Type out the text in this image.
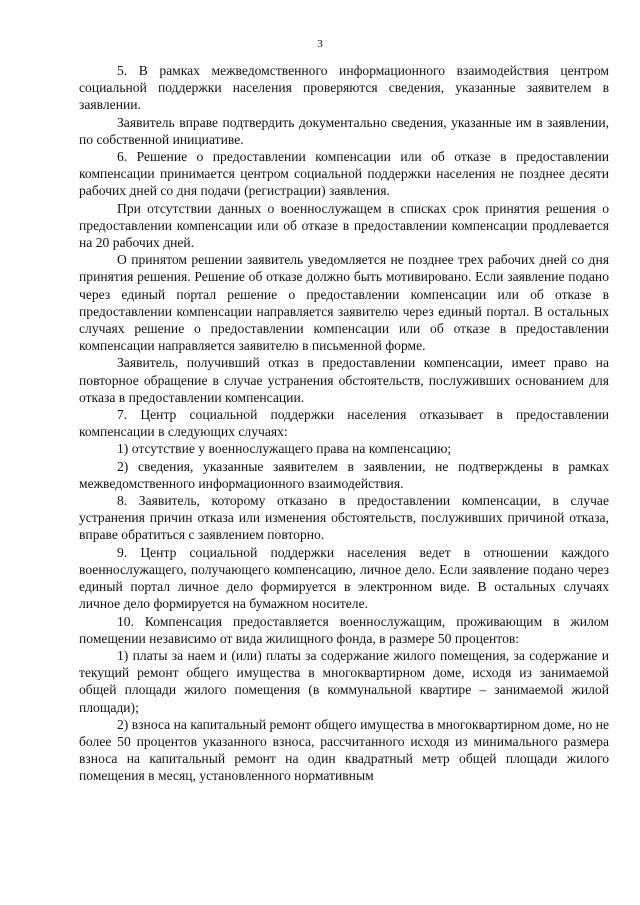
3

5. В рамках межведомственного информационного взаимодействия центром социальной поддержки населения проверяются сведения, указанные заявителем в заявлении.

Заявитель вправе подтвердить документально сведения, указанные им в заявлении, по собственной инициативе.

6. Решение о предоставлении компенсации или об отказе в предоставлении компенсации принимается центром социальной поддержки населения не позднее десяти рабочих дней со дня подачи (регистрации) заявления.

При отсутствии данных о военнослужащем в списках срок принятия решения о предоставлении компенсации или об отказе в предоставлении компенсации продлевается на 20 рабочих дней.

О принятом решении заявитель уведомляется не позднее трех рабочих дней со дня принятия решения. Решение об отказе должно быть мотивировано. Если заявление подано через единый портал решение о предоставлении компенсации или об отказе в предоставлении компенсации направляется заявителю через единый портал. В остальных случаях решение о предоставлении компенсации или об отказе в предоставлении компенсации направляется заявителю в письменной форме.

Заявитель, получивший отказ в предоставлении компенсации, имеет право на повторное обращение в случае устранения обстоятельств, послуживших основанием для отказа в предоставлении компенсации.

7. Центр социальной поддержки населения отказывает в предоставлении компенсации в следующих случаях:

1) отсутствие у военнослужащего права на компенсацию;

2) сведения, указанные заявителем в заявлении, не подтверждены в рамках межведомственного информационного взаимодействия.

8. Заявитель, которому отказано в предоставлении компенсации, в случае устранения причин отказа или изменения обстоятельств, послуживших причиной отказа, вправе обратиться с заявлением повторно.

9. Центр социальной поддержки населения ведет в отношении каждого военнослужащего, получающего компенсацию, личное дело. Если заявление подано через единый портал личное дело формируется в электронном виде. В остальных случаях личное дело формируется на бумажном носителе.

10. Компенсация предоставляется военнослужащим, проживающим в жилом помещении независимо от вида жилищного фонда, в размере 50 процентов:

1) платы за наем и (или) платы за содержание жилого помещения, за содержание и текущий ремонт общего имущества в многоквартирном доме, исходя из занимаемой общей площади жилого помещения (в коммунальной квартире – занимаемой жилой площади);

2) взноса на капитальный ремонт общего имущества в многоквартирном доме, но не более 50 процентов указанного взноса, рассчитанного исходя из минимального размера взноса на капитальный ремонт на один квадратный метр общей площади жилого помещения в месяц, установленного нормативным
